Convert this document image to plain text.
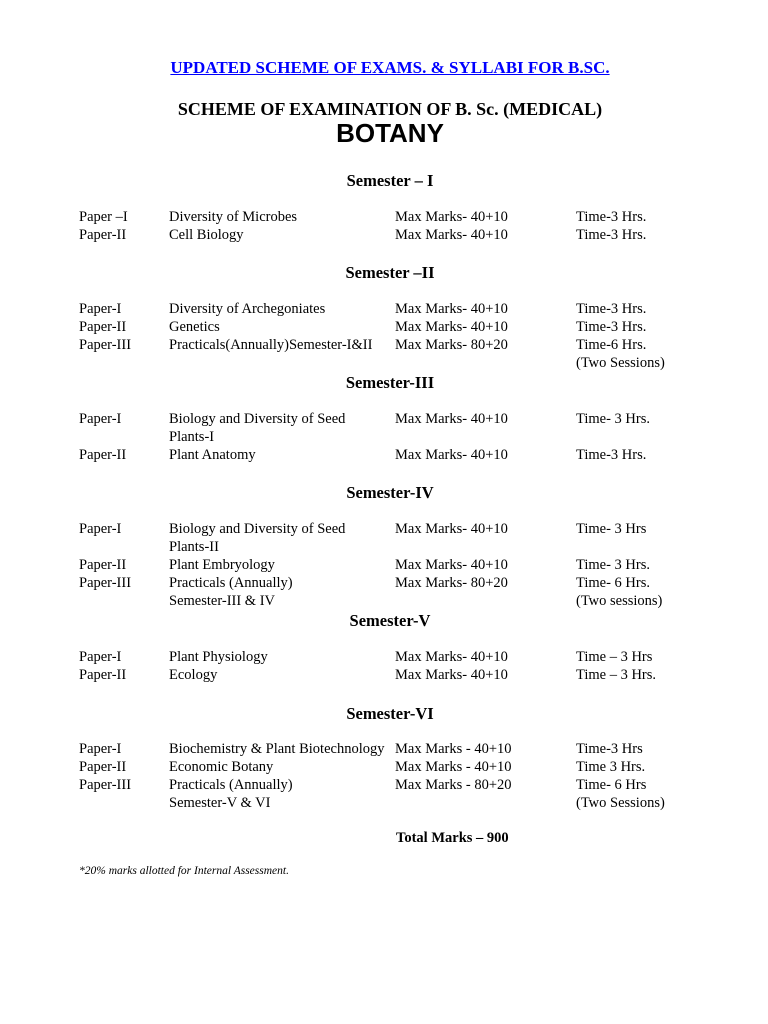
UPDATED SCHEME OF EXAMS. & SYLLABI FOR B.SC.
SCHEME OF EXAMINATION OF B. Sc. (MEDICAL)
BOTANY
Semester – I
Paper –I	Diversity of Microbes	Max Marks- 40+10	Time-3 Hrs.
Paper-II	Cell Biology	Max Marks- 40+10	Time-3 Hrs.
Semester –II
Paper-I	Diversity of Archegoniates	Max Marks- 40+10	Time-3 Hrs.
Paper-II	Genetics	Max Marks- 40+10	Time-3 Hrs.
Paper-III	Practicals(Annually)Semester-I&II Max Marks- 80+20	Time-6 Hrs.
(Two Sessions)
Semester-III
Paper-I	Biology and Diversity of Seed	Max Marks- 40+10	Time- 3 Hrs.
Plants-I
Paper-II	Plant Anatomy	Max Marks- 40+10	Time-3 Hrs.
Semester-IV
Paper-I	Biology and Diversity of Seed	Max Marks- 40+10	Time- 3 Hrs
Plants-II
Paper-II	Plant Embryology	Max Marks- 40+10	Time- 3 Hrs.
Paper-III	Practicals (Annually)	Max Marks- 80+20	Time- 6 Hrs.
Semester-III & IV	(Two sessions)
Semester-V
Paper-I	Plant Physiology	Max Marks- 40+10	Time – 3 Hrs
Paper-II	Ecology	Max Marks- 40+10	Time – 3 Hrs.
Semester-VI
Paper-I	Biochemistry & Plant Biotechnology Max Marks - 40+10	Time-3 Hrs
Paper-II	Economic Botany	Max Marks - 40+10	Time 3 Hrs.
Paper-III	Practicals (Annually)	Max Marks - 80+20	Time- 6 Hrs
Semester-V & VI	(Two Sessions)
Total Marks – 900
*20% marks allotted for Internal Assessment.
